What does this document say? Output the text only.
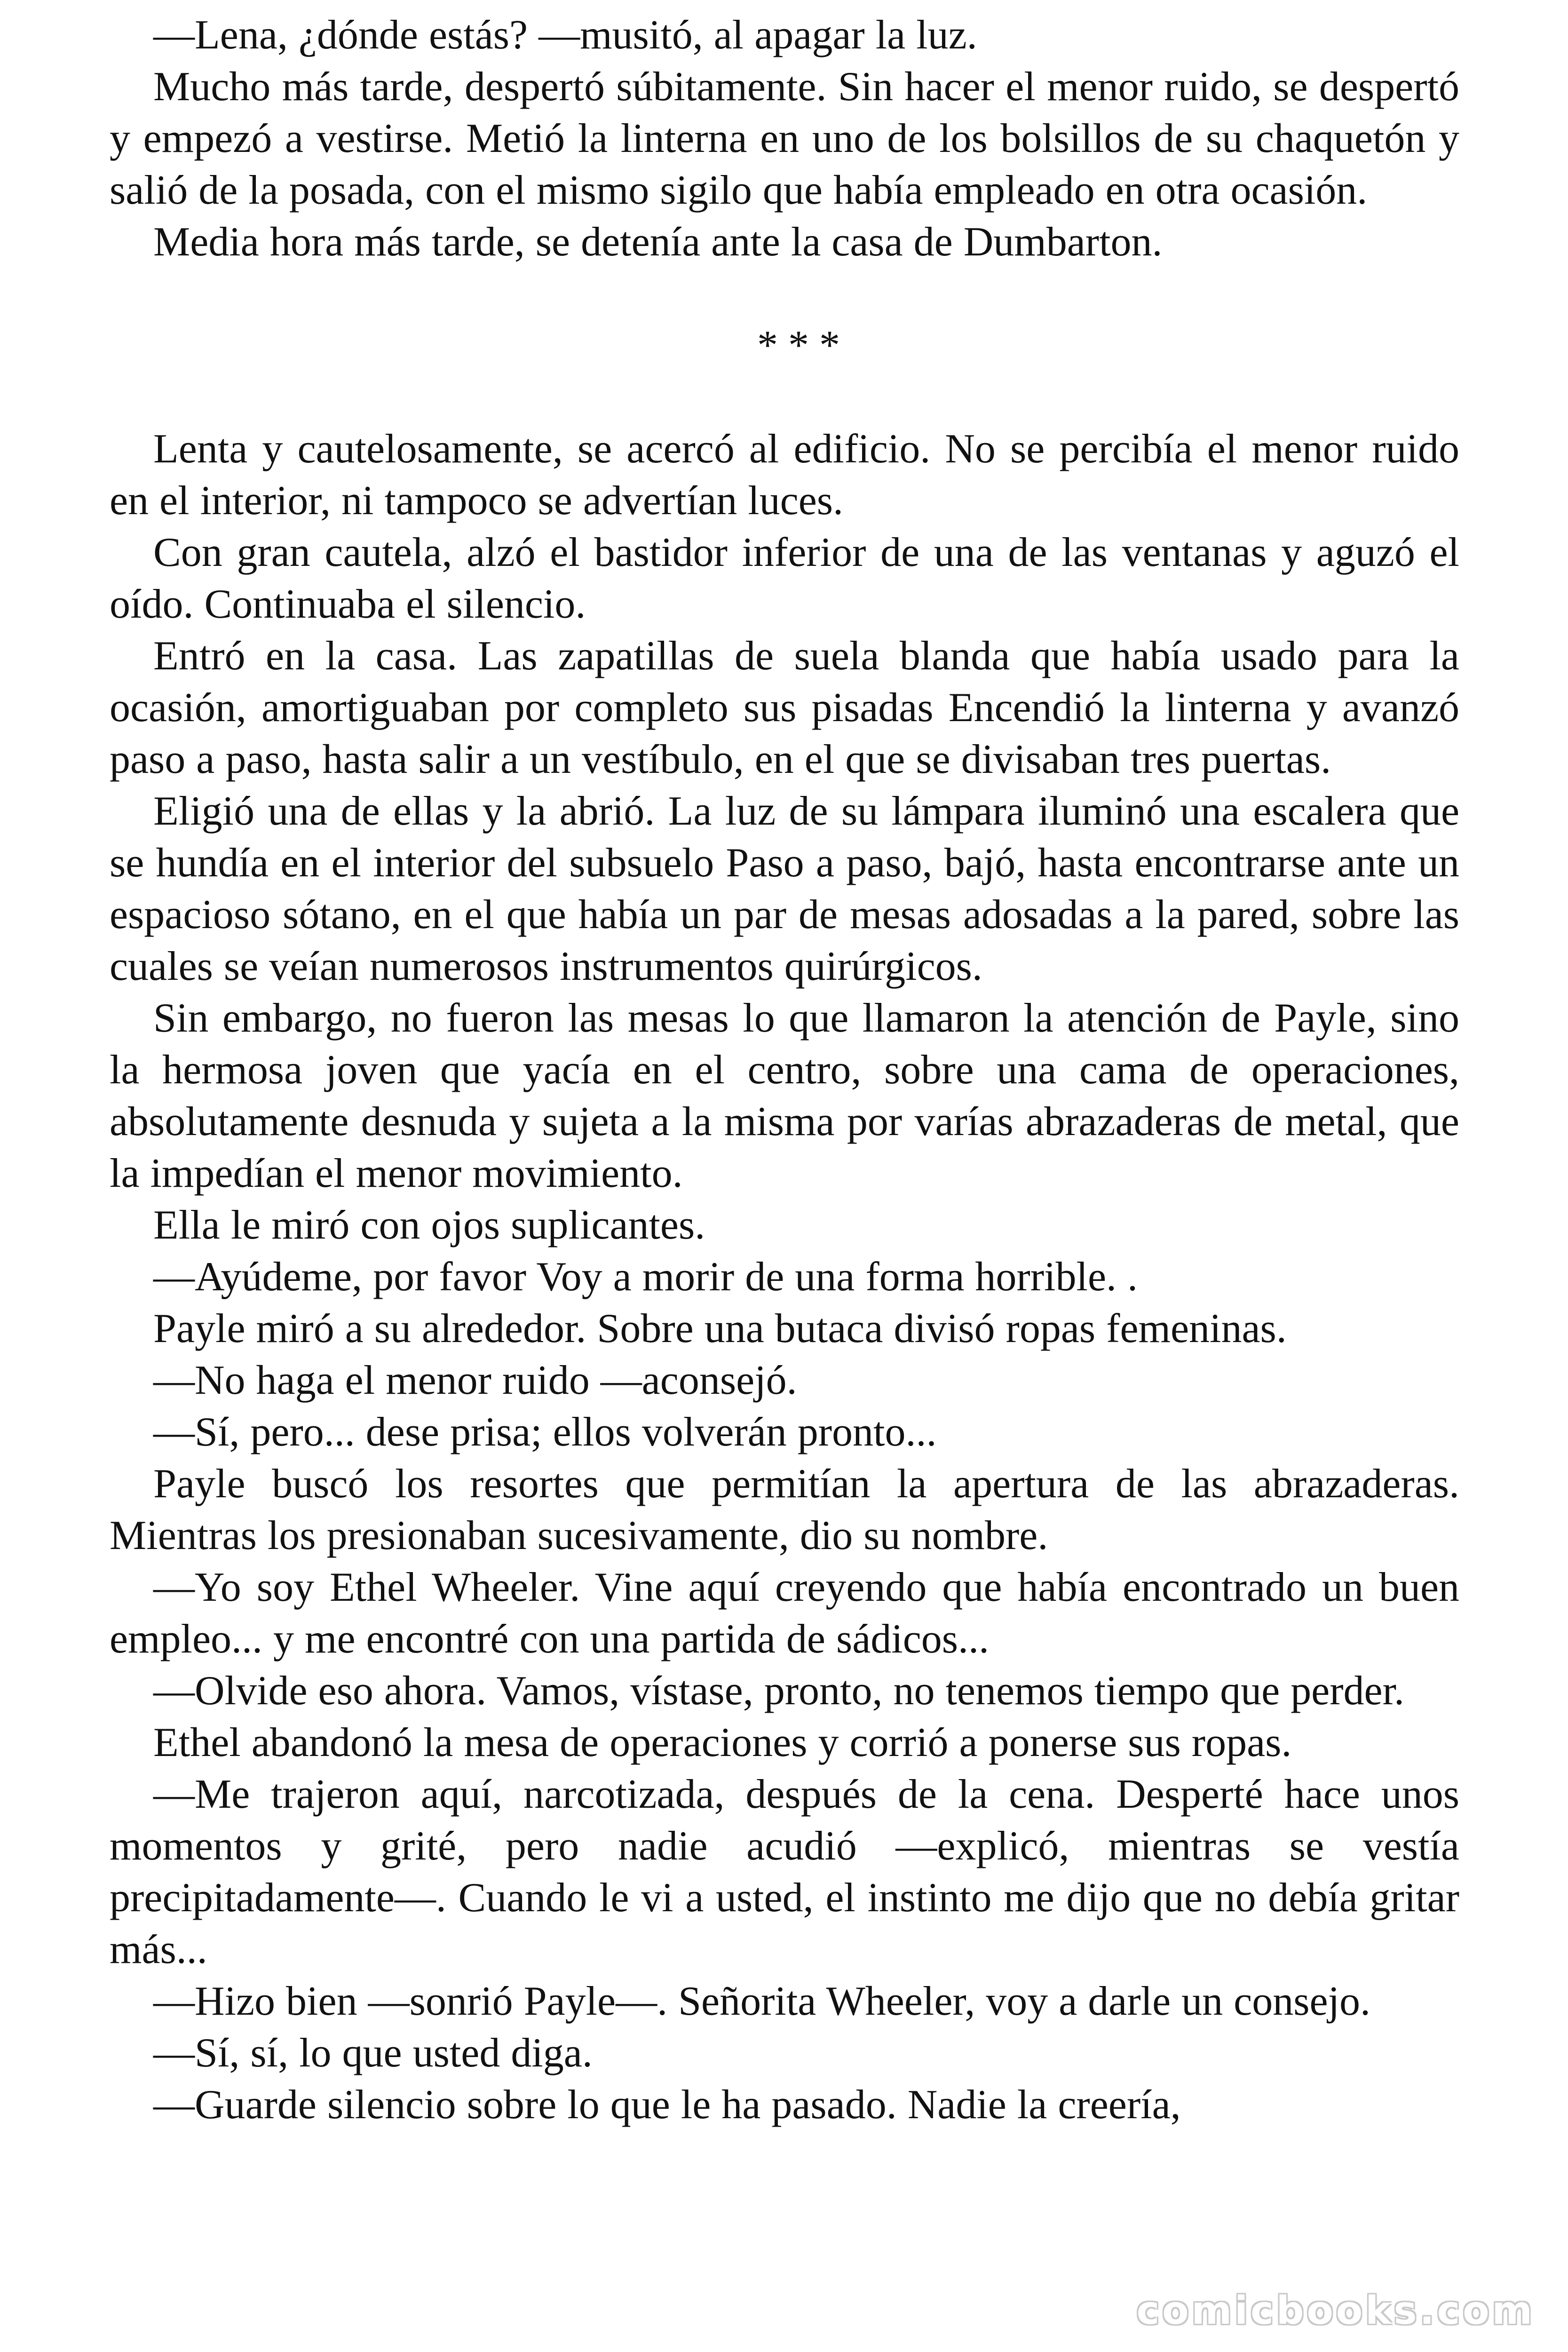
—Lena, ¿dónde estás? —musitó, al apagar la luz.

Mucho más tarde, despertó súbitamente. Sin hacer el menor ruido, se despertó y empezó a vestirse. Metió la linterna en uno de los bolsillos de su chaquetón y salió de la posada, con el mismo sigilo que había empleado en otra ocasión.

Media hora más tarde, se detenía ante la casa de Dumbarton.

* * *

Lenta y cautelosamente, se acercó al edificio. No se percibía el menor ruido en el interior, ni tampoco se advertían luces.

Con gran cautela, alzó el bastidor inferior de una de las ventanas y aguzó el oído. Continuaba el silencio.

Entró en la casa. Las zapatillas de suela blanda que había usado para la ocasión, amortiguaban por completo sus pisadas Encendió la linterna y avanzó paso a paso, hasta salir a un vestíbulo, en el que se divisaban tres puertas.

Eligió una de ellas y la abrió. La luz de su lámpara iluminó una escalera que se hundía en el interior del subsuelo Paso a paso, bajó, hasta encontrarse ante un espacioso sótano, en el que había un par de mesas adosadas a la pared, sobre las cuales se veían numerosos instrumentos quirúrgicos.

Sin embargo, no fueron las mesas lo que llamaron la atención de Payle, sino la hermosa joven que yacía en el centro, sobre una cama de operaciones, absolutamente desnuda y sujeta a la misma por varías abrazaderas de metal, que la impedían el menor movimiento.

Ella le miró con ojos suplicantes.

—Ayúdeme, por favor Voy a morir de una forma horrible. .

Payle miró a su alrededor. Sobre una butaca divisó ropas femeninas.

—No haga el menor ruido —aconsejó.

—Sí, pero... dese prisa; ellos volverán pronto...

Payle buscó los resortes que permitían la apertura de las abrazaderas. Mientras los presionaban sucesivamente, dio su nombre.

—Yo soy Ethel Wheeler. Vine aquí creyendo que había encontrado un buen empleo... y me encontré con una partida de sádicos...

—Olvide eso ahora. Vamos, vístase, pronto, no tenemos tiempo que perder.

Ethel abandonó la mesa de operaciones y corrió a ponerse sus ropas.

—Me trajeron aquí, narcotizada, después de la cena. Desperté hace unos momentos y grité, pero nadie acudió —explicó, mientras se vestía precipitadamente—. Cuando le vi a usted, el instinto me dijo que no debía gritar más...

—Hizo bien —sonrió Payle—. Señorita Wheeler, voy a darle un consejo.

—Sí, sí, lo que usted diga.

—Guarde silencio sobre lo que le ha pasado. Nadie la creería,

comicbooks.com
